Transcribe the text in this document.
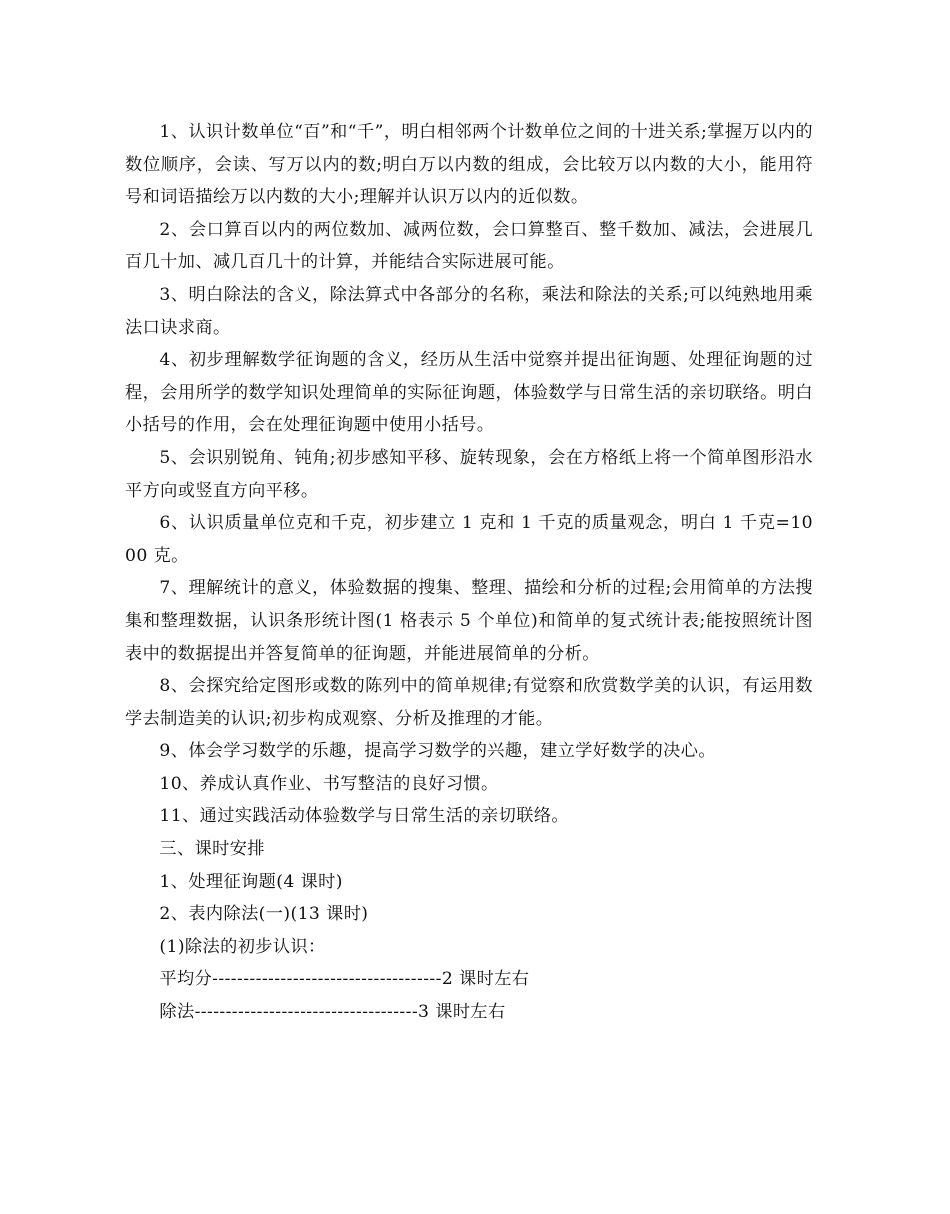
1、认识计数单位“百”和“千”，明白相邻两个计数单位之间的十进关系;掌握万以内的数位顺序，会读、写万以内的数;明白万以内数的组成，会比较万以内数的大小，能用符号和词语描绘万以内数的大小;理解并认识万以内的近似数。

2、会口算百以内的两位数加、减两位数，会口算整百、整千数加、减法，会进展几百几十加、减几百几十的计算，并能结合实际进展可能。

3、明白除法的含义，除法算式中各部分的名称，乘法和除法的关系;可以纯熟地用乘法口诀求商。

4、初步理解数学征询题的含义，经历从生活中觉察并提出征询题、处理征询题的过程，会用所学的数学知识处理简单的实际征询题，体验数学与日常生活的亲切联络。明白小括号的作用，会在处理征询题中使用小括号。

5、会识别锐角、钝角;初步感知平移、旋转现象，会在方格纸上将一个简单图形沿水平方向或竖直方向平移。

6、认识质量单位克和千克，初步建立 1 克和 1 千克的质量观念，明白 1 千克=1000 克。

7、理解统计的意义，体验数据的搜集、整理、描绘和分析的过程;会用简单的方法搜集和整理数据，认识条形统计图(1 格表示 5 个单位)和简单的复式统计表;能按照统计图表中的数据提出并答复简单的征询题，并能进展简单的分析。

8、会探究给定图形或数的陈列中的简单规律;有觉察和欣赏数学美的认识，有运用数学去制造美的认识;初步构成观察、分析及推理的才能。

9、体会学习数学的乐趣，提高学习数学的兴趣，建立学好数学的决心。

10、养成认真作业、书写整洁的良好习惯。

11、通过实践活动体验数学与日常生活的亲切联络。

三、课时安排

1、处理征询题(4 课时)

2、表内除法(一)(13 课时)

(1)除法的初步认识：

平均分-------------------------------------2 课时左右

除法------------------------------------3 课时左右
